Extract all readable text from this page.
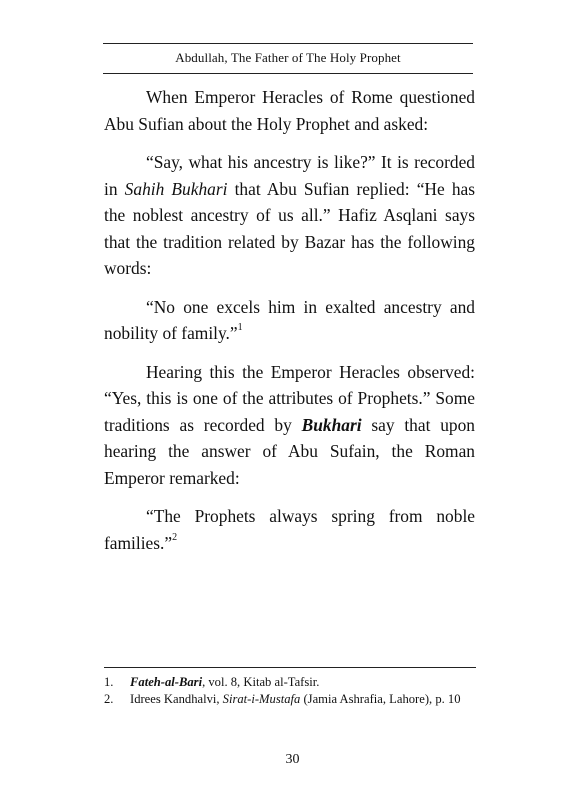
Abdullah, The Father of The Holy Prophet

When Emperor Heracles of Rome questioned Abu Sufian about the Holy Prophet and asked:

“Say, what his ancestry is like?” It is recorded in Sahih Bukhari that Abu Sufian replied: “He has the noblest ancestry of us all.” Hafiz Asqlani says that the tradition related by Bazar has the following words:

“No one excels him in exalted ancestry and nobility of family.”$^1$

Hearing this the Emperor Heracles observed: “Yes, this is one of the attributes of Prophets.” Some traditions as recorded by Bukhari say that upon hearing the answer of Abu Sufain, the Roman Emperor remarked:

“The Prophets always spring from noble families.”$^2$

1.	Fateh-al-Bari, vol. 8, Kitab al-Tafsir.

2.	Idrees Kandhalvi, Sirat-i-Mustafa (Jamia Ashrafia, Lahore), p. 10

30
